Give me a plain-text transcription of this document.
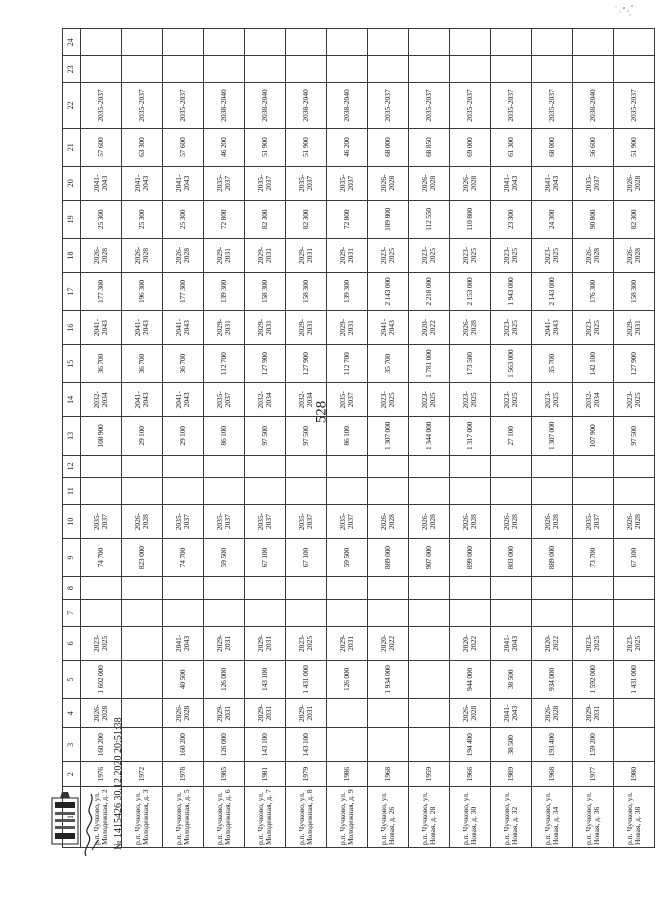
528
1	2	3	4	5	6	7	8	9	10	11	12	13	14	15	16	17	18	19	20	21	22	23	24
р.п. Чучково, ул. Молодежная, д. 2	1976	160 200	2026-2028	1 602 000	2023-2025			74 700	2035-2037			108 900	2032-2034	36 700	2041-2043	177 300	2026-2028	25 300	2041-2043	57 600	2035-2037		
р.п. Чучково, ул. Молодежная, д. 3	1972							823 000	2026-2028			29 100	2041-2043	36 700	2041-2043	196 300	2026-2028	25 300	2041-2043	63 300	2035-2037		
р.п. Чучково, ул. Молодежная, д. 5	1978	160 200	2026-2028	40 500	2041-2043			74 700	2035-2037			29 100	2041-2043	36 700	2041-2043	177 300	2026-2028	25 300	2041-2043	57 600	2035-2037		
р.п. Чучково, ул. Молодежная, д. 6	1985	126 000	2029-2031	126 000	2029-2031			59 500	2035-2037			86 100	2035-2037	112 700	2029-2031	139 300	2029-2031	72 800	2035-2037	46 200	2038-2040		
р.п. Чучково, ул. Молодежная, д. 7	1981	143 100	2029-2031	143 100	2029-2031			67 100	2035-2037			97 500	2032-2034	127 900	2029-2031	158 300	2029-2031	82 300	2035-2037	51 900	2038-2040		
р.п. Чучково, ул. Молодежная, д. 8	1979	143 100	2029-2031	1 431 000	2023-2025			67 100	2035-2037			97 500	2032-2034	127 900	2029-2031	158 300	2029-2031	82 300	2035-2037	51 900	2038-2040		
р.п. Чучково, ул. Молодежная, д. 9	1986			126 000	2029-2031			59 500	2035-2037			86 100	2035-2037	112 700	2029-2031	139 300	2029-2031	72 800	2035-2037	46 200	2038-2040		
р.п. Чучково, ул. Новая, д. 26	1968			1 934 000	2020-2022			889 000	2026-2028			1 307 000	2023-2025	35 700	2041-2043	2 143 000	2023-2025	109 800	2026-2028	68 000	2035-2037		
р.п. Чучково, ул. Новая, д. 28	1959							907 000	2026-2028			1 344 000	2023-2025	1 781 000	2020-2022	2 218 000	2023-2025	112 550	2026-2028	68 850	2035-2037		
р.п. Чучково, ул. Новая, д. 30	1966	194 400	2026-2028	944 000	2020-2022			899 000	2026-2028			1 317 000	2023-2025	173 500	2026-2028	2 153 000	2023-2025	110 800	2026-2028	69 000	2035-2037		
р.п. Чучково, ул. Новая, д. 32	1989	38 500	2041-2043	38 500	2041-2043			803 000	2026-2028			27 100	2023-2025	1 563 000	2023-2025	1 943 000	2023-2025	23 300	2041-2043	61 300	2035-2037		
р.п. Чучково, ул. Новая, д. 34	1968	193 400	2026-2028	934 000	2020-2022			889 000	2026-2028			1 307 000	2023-2025	35 700	2041-2043	2 143 000	2023-2025	24 300	2041-2043	68 000	2035-2037		
р.п. Чучково, ул. Новая, д. 36	1977	159 200	2029-2031	1 592 000	2023-2025			73 700	2035-2037			107 900	2032-2034	142 100	2023-2025	176 300	2026-2028	90 800	2035-2037	56 600	2038-2040		
р.п. Чучково, ул. Новая, д. 38	1980			1 431 000	2023-2025			67 100	2026-2028			97 500	2023-2025	127 900	2029-2031	158 300	2026-2028	82 300	2026-2028	51 900	2035-2037		
№ 1415426 30.12.2020 20:51:38
